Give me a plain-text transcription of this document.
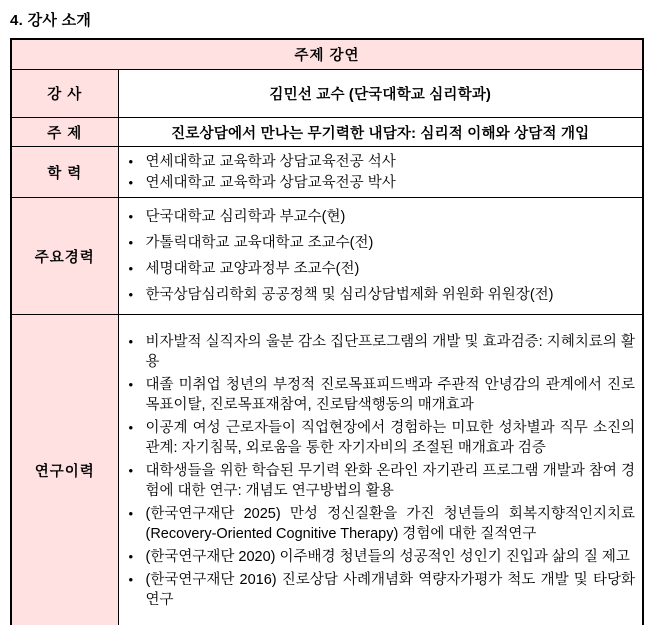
4. 강사 소개
주제 강연	
강 사	김민선 교수 (단국대학교 심리학과)
주 제	진로상담에서 만나는 무기력한 내담자: 심리적 이해와 상담적 개입
학 력	
• 연세대학교 교육학과 상담교육전공 석사
• 연세대학교 교육학과 상담교육전공 박사

주요경력	
• 단국대학교 심리학과 부교수(현)
• 가톨릭대학교 교육대학교 조교수(전)
• 세명대학교 교양과정부 조교수(전)
• 한국상담심리학회 공공정책 및 심리상담법제화 위원화 위원장(전)

연구이력	
• 비자발적 실직자의 울분 감소 집단프로그램의 개발 및 효과검증: 지혜치료의 활용
• 대졸 미취업 청년의 부정적 진로목표피드백과 주관적 안녕감의 관계에서 진로목표이탈, 진로목표재참여, 진로탐색행동의 매개효과
• 이공계 여성 근로자들이 직업현장에서 경험하는 미묘한 성차별과 직무 소진의 관계: 자기침묵, 외로움을 통한 자기자비의 조절된 매개효과 검증
• 대학생들을 위한 학습된 무기력 완화 온라인 자기관리 프로그램 개발과 참여 경험에 대한 연구: 개념도 연구방법의 활용
• (한국연구재단 2025) 만성 정신질환을 가진 청년들의 회복지향적인지치료 (Recovery-Oriented Cognitive Therapy) 경험에 대한 질적연구
• (한국연구재단 2020) 이주배경 청년들의 성공적인 성인기 진입과 삶의 질 제고
• (한국연구재단 2016) 진로상담 사례개념화 역량자가평가 척도 개발 및 타당화 연구
